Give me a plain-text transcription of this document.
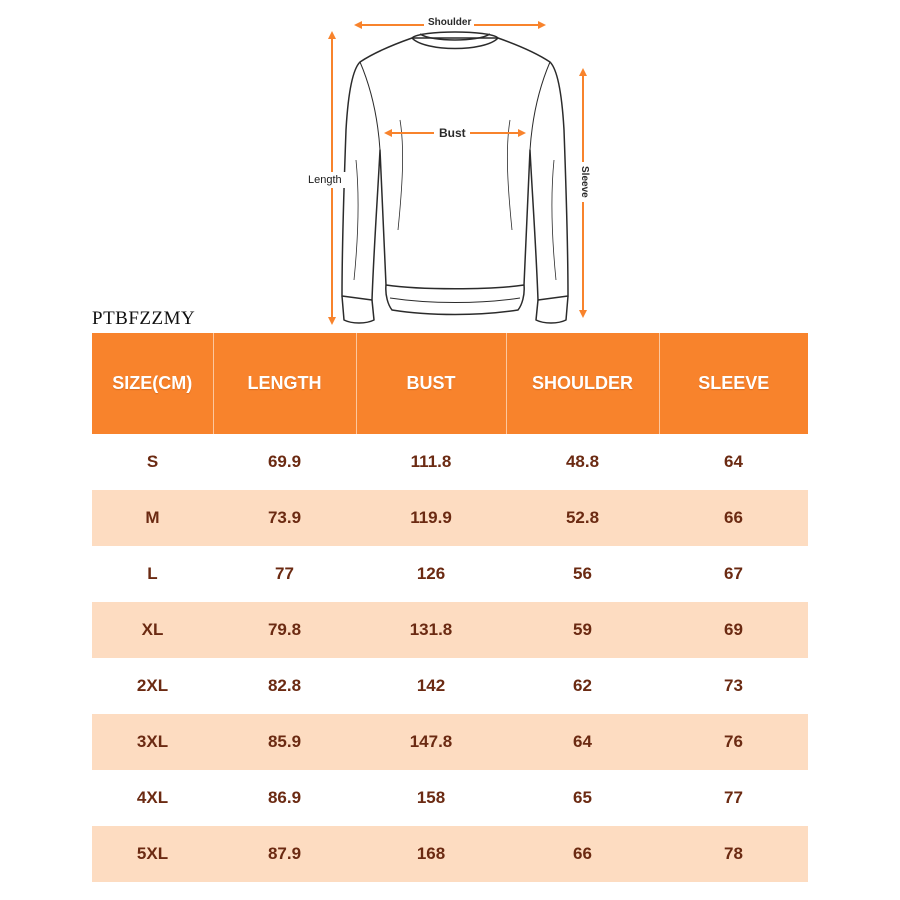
Shoulder
Bust
Length	Sleeve
PTBFZZMY
SIZE(CM)	LENGTH	BUST	SHOULDER	SLEEVE
S	69.9	111.8	48.8	64
M	73.9	119.9	52.8	66
L	77	126	56	67
XL	79.8	131.8	59	69
2XL	82.8	142	62	73
3XL	85.9	147.8	64	76
4XL	86.9	158	65	77
5XL	87.9	168	66	78
